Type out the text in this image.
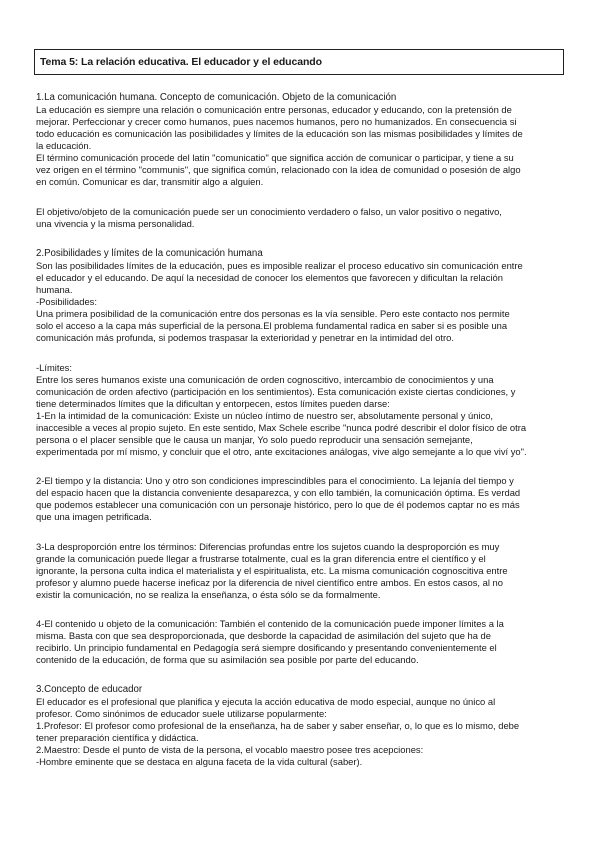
Tema 5: La relación educativa. El educador y el educando
1.La comunicación humana. Concepto de comunicación. Objeto de la comunicación
La educación es siempre una relación o comunicación entre personas, educador y educando, con la pretensión de
mejorar. Perfeccionar y crecer como humanos, pues nacemos humanos, pero no humanizados. En consecuencia si
todo educación es comunicación las posibilidades y límites de la educación son las mismas posibilidades y límites de
la educación.
El término comunicación procede del latin "comunicatio" que significa acción de comunicar o participar, y tiene a su
vez origen en el término "communis", que significa común, relacionado con la idea de comunidad o posesión de algo
en común. Comunicar es dar, transmitir algo a alguien.
El objetivo/objeto de la comunicación puede ser un conocimiento verdadero o falso, un valor positivo o negativo,
una vivencia y la misma personalidad.
2.Posibilidades y límites de la comunicación humana
Son las posibilidades límites de la educación, pues es imposible realizar el proceso educativo sin comunicación entre
el educador y el educando. De aquí la necesidad de conocer los elementos que favorecen y dificultan la relación
humana.
-Posibilidades:
Una primera posibilidad de la comunicación entre dos personas es la vía sensible. Pero este contacto nos permite
solo el acceso a la capa más superficial de la persona.El problema fundamental radica en saber si es posible una
comunicación más profunda, si podemos traspasar la exterioridad y penetrar en la intimidad del otro.
-Límites:
Entre los seres humanos existe una comunicación de orden cognoscitivo, intercambio de conocimientos y una
comunicación de orden afectivo (participación en los sentimientos). Esta comunicación existe ciertas condiciones, y
tiene determinados límites que la dificultan y entorpecen, estos límites pueden darse:
1-En la intimidad de la comunicación: Existe un núcleo íntimo de nuestro ser, absolutamente personal y único,
inaccesible a veces al propio sujeto. En este sentido, Max Schele escribe "nunca podré describir el dolor físico de otra
persona o el placer sensible que le causa un manjar, Yo solo puedo reproducir una sensación semejante,
experimentada por mí mismo, y concluir que el otro, ante excitaciones análogas, vive algo semejante a lo que viví yo".
2-El tiempo y la distancia: Uno y otro son condiciones imprescindibles para el conocimiento. La lejanía del tiempo y
del espacio hacen que la distancia conveniente desaparezca, y con ello también, la comunicación óptima. Es verdad
que podemos establecer una comunicación con un personaje histórico, pero lo que de él podemos captar no es más
que una imagen petrificada.
3-La desproporción entre los términos: Diferencias profundas entre los sujetos cuando la desproporción es muy
grande la comunicación puede llegar a frustrarse totalmente, cual es la gran diferencia entre el científico y el
ignorante, la persona culta indica el materialista y el espiritualista, etc. La misma comunicación cognoscitiva entre
profesor y alumno puede hacerse ineficaz por la diferencia de nivel científico entre ambos. En estos casos, al no
existir la comunicación, no se realiza la enseñanza, o ésta sólo se da formalmente.
4-El contenido u objeto de la comunicación: También el contenido de la comunicación puede imponer límites a la
misma. Basta con que sea desproporcionada, que desborde la capacidad de asimilación del sujeto que ha de
recibirlo. Un principio fundamental en Pedagogía será siempre dosificando y presentando convenientemente el
contenido de la educación, de forma que su asimilación sea posible por parte del educando.
3.Concepto de educador
El educador es el profesional que planifica y ejecuta la acción educativa de modo especial, aunque no único al
profesor. Como sinónimos de educador suele utilizarse popularmente:
1.Profesor: El profesor como profesional de la enseñanza, ha de saber y saber enseñar, o, lo que es lo mismo, debe
tener preparación científica y didáctica.
2.Maestro: Desde el punto de vista de la persona, el vocablo maestro posee tres acepciones:
-Hombre eminente que se destaca en alguna faceta de la vida cultural (saber).
